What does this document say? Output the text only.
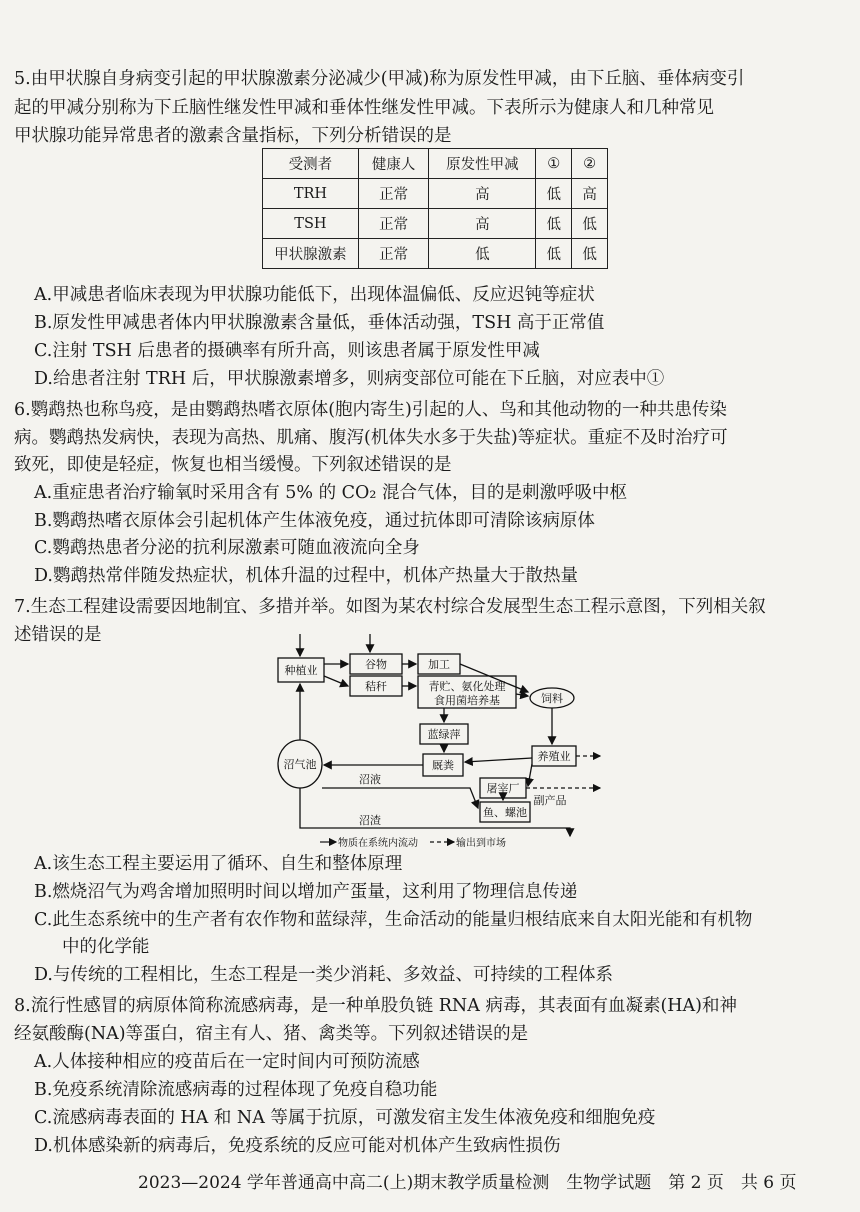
5.由甲状腺自身病变引起的甲状腺激素分泌减少(甲减)称为原发性甲减，由下丘脑、垂体病变引
起的甲减分别称为下丘脑性继发性甲减和垂体性继发性甲减。下表所示为健康人和几种常见
甲状腺功能异常患者的激素含量指标，下列分析错误的是
受测者	健康人	原发性甲减	①	②
TRH	正常	高	低	高
TSH	正常	高	低	低
甲状腺激素	正常	低	低	低
A.甲减患者临床表现为甲状腺功能低下，出现体温偏低、反应迟钝等症状
B.原发性甲减患者体内甲状腺激素含量低，垂体活动强，TSH 高于正常值
C.注射 TSH 后患者的摄碘率有所升高，则该患者属于原发性甲减
D.给患者注射 TRH 后，甲状腺激素增多，则病变部位可能在下丘脑，对应表中①
6.鹦鹉热也称鸟疫，是由鹦鹉热嗜衣原体(胞内寄生)引起的人、鸟和其他动物的一种共患传染
病。鹦鹉热发病快，表现为高热、肌痛、腹泻(机体失水多于失盐)等症状。重症不及时治疗可
致死，即使是轻症，恢复也相当缓慢。下列叙述错误的是
A.重症患者治疗输氧时采用含有 5% 的 CO₂ 混合气体，目的是刺激呼吸中枢
B.鹦鹉热嗜衣原体会引起机体产生体液免疫，通过抗体即可清除该病原体
C.鹦鹉热患者分泌的抗利尿激素可随血液流向全身
D.鹦鹉热常伴随发热症状，机体升温的过程中，机体产热量大于散热量
7.生态工程建设需要因地制宜、多措并举。如图为某农村综合发展型生态工程示意图，下列相关叙
述错误的是
种植业	谷物
秸秆
加工
青贮、氨化处理
食用菌培养基	饲料
蓝绿萍
沼气池	厩粪
养殖业
沼液
屠宰厂
副产品
沼渣
鱼、螺池
物质在系统内流动	输出到市场
A.该生态工程主要运用了循环、自生和整体原理
B.燃烧沼气为鸡舍增加照明时间以增加产蛋量，这利用了物理信息传递
C.此生态系统中的生产者有农作物和蓝绿萍，生命活动的能量归根结底来自太阳光能和有机物
中的化学能
D.与传统的工程相比，生态工程是一类少消耗、多效益、可持续的工程体系
8.流行性感冒的病原体简称流感病毒，是一种单股负链 RNA 病毒，其表面有血凝素(HA)和神
经氨酸酶(NA)等蛋白，宿主有人、猪、禽类等。下列叙述错误的是
A.人体接种相应的疫苗后在一定时间内可预防流感
B.免疫系统清除流感病毒的过程体现了免疫自稳功能
C.流感病毒表面的 HA 和 NA 等属于抗原，可激发宿主发生体液免疫和细胞免疫
D.机体感染新的病毒后，免疫系统的反应可能对机体产生致病性损伤
2023—2024 学年普通高中高二(上)期末教学质量检测　生物学试题　第 2 页　共 6 页
